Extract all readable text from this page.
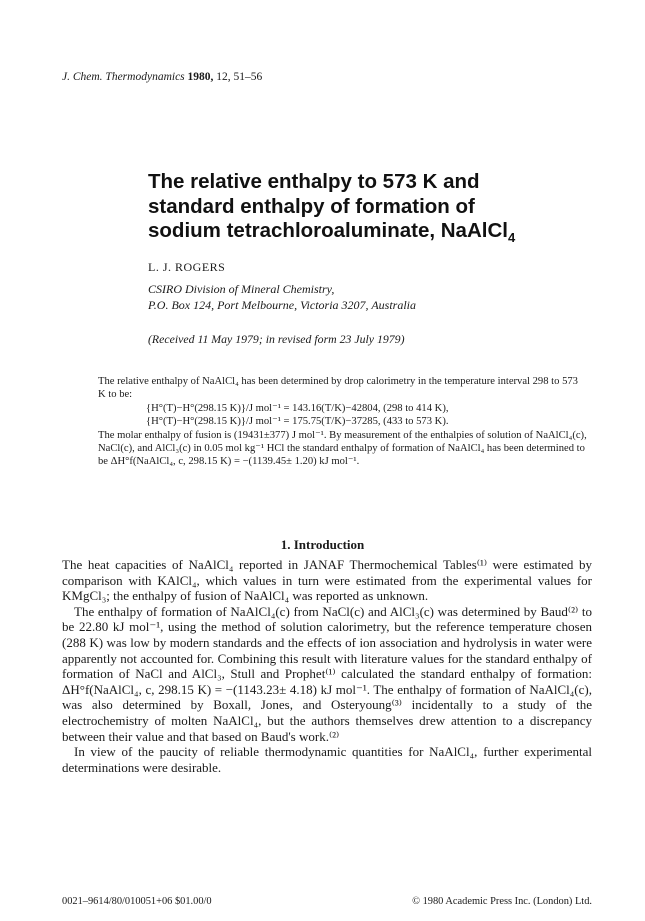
J. Chem. Thermodynamics 1980, 12, 51–56
The relative enthalpy to 573 K and
standard enthalpy of formation of
sodium tetrachloroaluminate, NaAlCl$_4$
L. J. ROGERS
CSIRO Division of Mineral Chemistry,
P.O. Box 124, Port Melbourne, Victoria 3207, Australia
(Received 11 May 1979; in revised form 23 July 1979)

The relative enthalpy of NaAlCl₄ has been determined by drop calorimetry in the temperature interval 298 to 573 K to be:

{H°(T)−H°(298.15 K)}/J mol⁻¹ = 143.16(T/K)−42804, (298 to 414 K),

{H°(T)−H°(298.15 K)}/J mol⁻¹ = 175.75(T/K)−37285, (433 to 573 K).

The molar enthalpy of fusion is (19431±377) J mol⁻¹. By measurement of the enthalpies of solution of NaAlCl₄(c), NaCl(c), and AlCl₃(c) in 0.05 mol kg⁻¹ HCl the standard enthalpy of formation of NaAlCl₄ has been determined to be ΔH°f(NaAlCl₄, c, 298.15 K) = −(1139.45± 1.20) kJ mol⁻¹.

1. Introduction

The heat capacities of NaAlCl₄ reported in JANAF Thermochemical Tables⁽¹⁾ were estimated by comparison with KAlCl₄, which values in turn were estimated from the experimental values for KMgCl₃; the enthalpy of fusion of NaAlCl₄ was reported as unknown.

The enthalpy of formation of NaAlCl₄(c) from NaCl(c) and AlCl₃(c) was determined by Baud⁽²⁾ to be 22.80 kJ mol⁻¹, using the method of solution calorimetry, but the reference temperature chosen (288 K) was low by modern standards and the effects of ion association and hydrolysis in water were apparently not accounted for. Combining this result with literature values for the standard enthalpy of formation of NaCl and AlCl₃, Stull and Prophet⁽¹⁾ calculated the standard enthalpy of formation: ΔH°f(NaAlCl₄, c, 298.15 K) = −(1143.23± 4.18) kJ mol⁻¹. The enthalpy of formation of NaAlCl₄(c), was also determined by Boxall, Jones, and Osteryoung⁽³⁾ incidentally to a study of the electrochemistry of molten NaAlCl₄, but the authors themselves drew attention to a discrepancy between their value and that based on Baud's work.⁽²⁾

In view of the paucity of reliable thermodynamic quantities for NaAlCl₄, further experimental determinations were desirable.

0021–9614/80/010051+06 $01.00/0	© 1980 Academic Press Inc. (London) Ltd.
